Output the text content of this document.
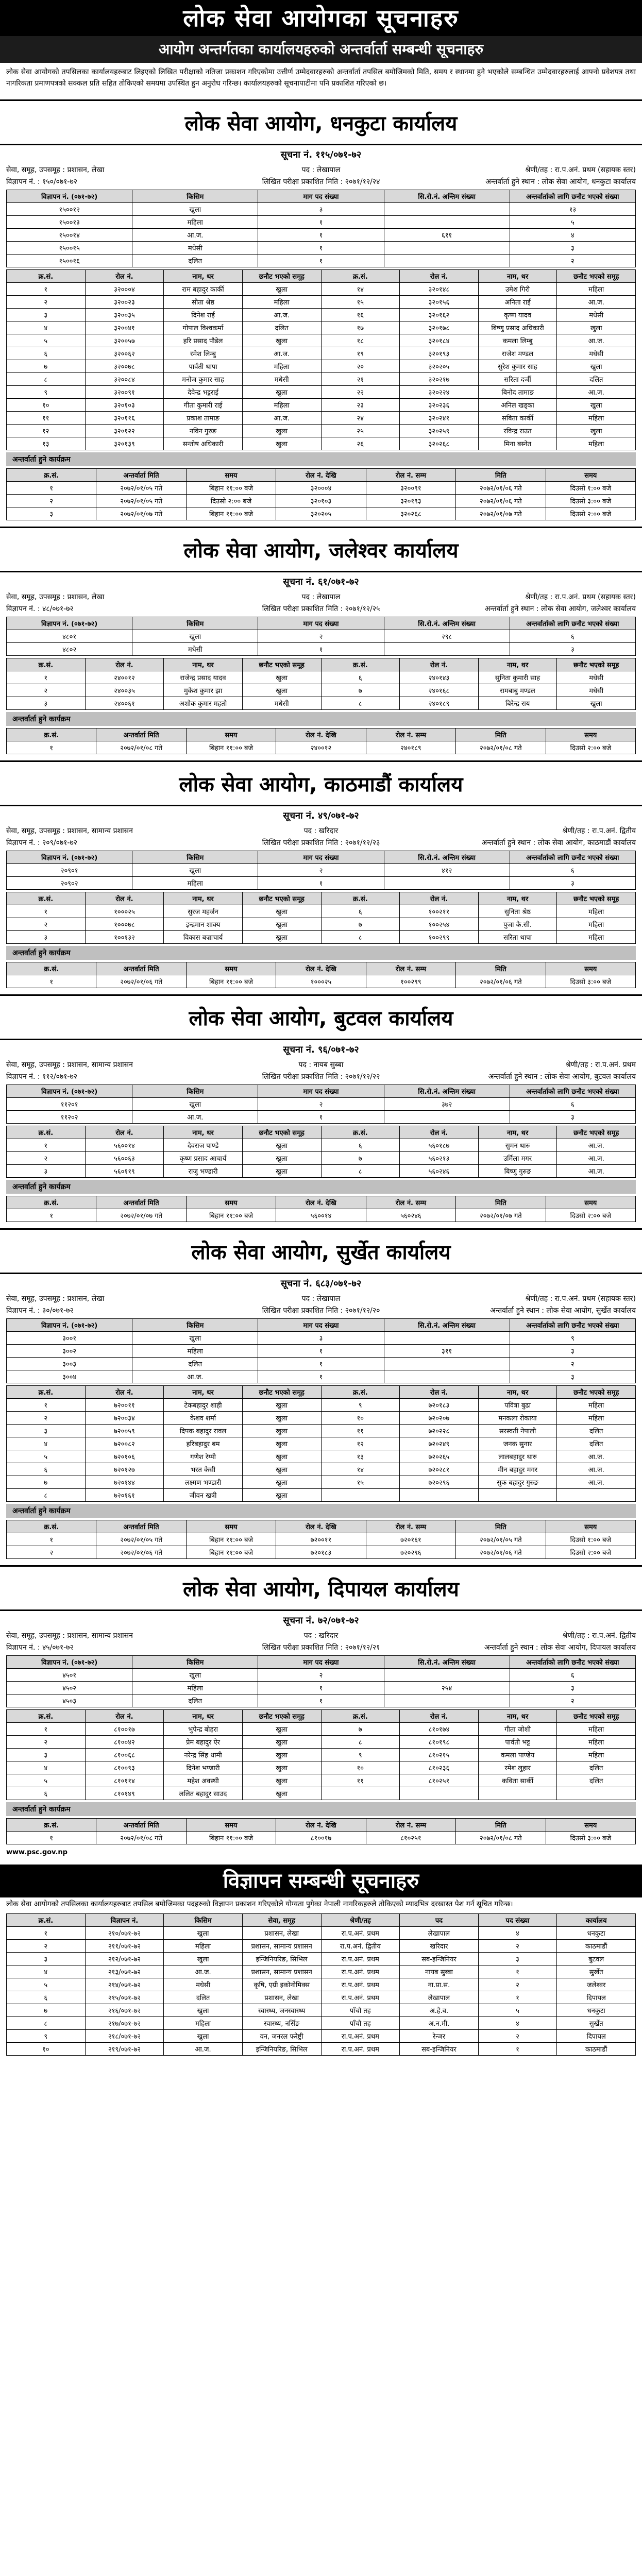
लोक सेवा आयोगका सूचनाहरु
आयोग अन्तर्गतका कार्यालयहरुको अन्तर्वार्ता सम्बन्धी सूचनाहरु
लोक सेवा आयोगको तपसिलका कार्यालयहरुबाट लिइएको लिखित परीक्षाको नतिजा प्रकाशन गरिएकोमा उत्तीर्ण उम्मेदवारहरुको अन्तर्वार्ता तपसिल बमोजिमको मिति, समय र स्थानमा हुने भएकोले सम्बन्धित उम्मेदवारहरुलाई आफ्नो प्रवेशपत्र तथा नागरिकता प्रमाणपत्रको सक्कल प्रति सहित तोकिएको समयमा उपस्थित हुन अनुरोध गरिन्छ। कार्यालयहरुको सूचनापाटीमा पनि प्रकाशित गरिएको छ।
लोक सेवा आयोग, धनकुटा कार्यालय
सूचना नं. ११५/०७१-७२
सेवा, समूह, उपसमूह : प्रशासन, लेखा	पद : लेखापाल	श्रेणी/तह : रा.प.अनं. प्रथम (सहायक स्तर)
विज्ञापन नं. : १५०/०७१-७२	लिखित परीक्षा प्रकाशित मिति : २०७१/१२/२४	अन्तर्वार्ता हुने स्थान : लोक सेवा आयोग, धनकुटा कार्यालय
विज्ञापन नं. (०७१-७२)	किसिम	माग पद संख्या	सि.रो.नं. अन्तिम संख्या	अन्तर्वार्ताको लागि छनौट भएको संख्या
१५००१२	खुला	३		१३
१५००१३	महिला	१		५
१५००१४	आ.ज.	१	६११	४
१५००१५	मधेसी	१		३
१५००१६	दलित	१		२
क्र.सं.	रोल नं.	नाम, थर	छनौट भएको समूह	क्र.सं.	रोल नं.	नाम, थर	छनौट भएको समूह
१	३२०००४	राम बहादुर कार्की	खुला	१४	३२०१४८	उमेश गिरी	महिला
२	३२००२३	सीता श्रेष्ठ	महिला	१५	३२०१५६	अनिता राई	आ.ज.
३	३२००३५	दिनेश राई	आ.ज.	१६	३२०१६२	कृष्ण यादव	मधेसी
४	३२००४१	गोपाल विश्वकर्मा	दलित	१७	३२०१७८	बिष्णु प्रसाद अधिकारी	खुला
५	३२००५७	हरि प्रसाद पौडेल	खुला	१८	३२०१८४	कमला लिम्बु	आ.ज.
६	३२००६२	रमेश लिम्बु	आ.ज.	१९	३२०१९३	राजेश मण्डल	मधेसी
७	३२००७८	पार्वती थापा	महिला	२०	३२०२०५	सुरेश कुमार साह	खुला
८	३२००८४	मनोज कुमार साह	मधेसी	२१	३२०२१७	सरिता दर्जी	दलित
९	३२००९१	देवेन्द्र भट्टराई	खुला	२२	३२०२२४	बिनोद तामाङ	आ.ज.
१०	३२०१०३	गीता कुमारी राई	महिला	२३	३२०२३६	अनिल खड्का	खुला
११	३२०११६	प्रकाश तामाङ	आ.ज.	२४	३२०२४१	सबिता कार्की	महिला
१२	३२०१२२	नविन गुरुङ	खुला	२५	३२०२५९	रविन्द्र राउत	खुला
१३	३२०१३९	सन्तोष अधिकारी	खुला	२६	३२०२६८	मिना बस्नेत	महिला
अन्तर्वार्ता हुने कार्यक्रम
क्र.सं.	अन्तर्वार्ता मिति	समय	रोल नं. देखि	रोल नं. सम्म	मिति	समय
१	२०७२/०१/०५ गते	बिहान ११:०० बजे	३२०००४	३२००९१	२०७२/०१/०६ गते	दिउसो १:०० बजे
२	२०७२/०१/०५ गते	दिउसो २:०० बजे	३२०१०३	३२०१९३	२०७२/०१/०६ गते	दिउसो ३:०० बजे
३	२०७२/०१/०७ गते	बिहान ११:०० बजे	३२०२०५	३२०२६८	२०७२/०१/०७ गते	दिउसो २:०० बजे
लोक सेवा आयोग, जलेश्वर कार्यालय
सूचना नं. ६१/०७१-७२
सेवा, समूह, उपसमूह : प्रशासन, लेखा	पद : लेखापाल	श्रेणी/तह : रा.प.अनं. प्रथम (सहायक स्तर)
विज्ञापन नं. : ४८/०७१-७२	लिखित परीक्षा प्रकाशित मिति : २०७१/१२/२५	अन्तर्वार्ता हुने स्थान : लोक सेवा आयोग, जलेश्वर कार्यालय
विज्ञापन नं. (०७१-७२)	किसिम	माग पद संख्या	सि.रो.नं. अन्तिम संख्या	अन्तर्वार्ताको लागि छनौट भएको संख्या
४८०१	खुला	२	२९८	६
४८०२	मधेसी	१		३
क्र.सं.	रोल नं.	नाम, थर	छनौट भएको समूह	क्र.सं.	रोल नं.	नाम, थर	छनौट भएको समूह
१	२४००१२	राजेन्द्र प्रसाद यादव	खुला	६	२४०१४३	सुनिता कुमारी साह	मधेसी
२	२४००३५	मुकेश कुमार झा	खुला	७	२४०१६८	रामबाबु मण्डल	मधेसी
३	२४००६१	अशोक कुमार महतो	मधेसी	८	२४०१८९	बिरेन्द्र राय	खुला
अन्तर्वार्ता हुने कार्यक्रम
क्र.सं.	अन्तर्वार्ता मिति	समय	रोल नं. देखि	रोल नं. सम्म	मिति	समय
१	२०७२/०१/०८ गते	बिहान ११:०० बजे	२४००१२	२४०१८९	२०७२/०१/०८ गते	दिउसो २:०० बजे
लोक सेवा आयोग, काठमाडौं कार्यालय
सूचना नं. ४९/०७१-७२
सेवा, समूह, उपसमूह : प्रशासन, सामान्य प्रशासन	पद : खरिदार	श्रेणी/तह : रा.प.अनं. द्वितीय
विज्ञापन नं. : २०९/०७१-७२	लिखित परीक्षा प्रकाशित मिति : २०७१/१२/२३	अन्तर्वार्ता हुने स्थान : लोक सेवा आयोग, काठमाडौं कार्यालय
विज्ञापन नं. (०७१-७२)	किसिम	माग पद संख्या	सि.रो.नं. अन्तिम संख्या	अन्तर्वार्ताको लागि छनौट भएको संख्या
२०९०१	खुला	२	४१२	६
२०९०२	महिला	१		३
क्र.सं.	रोल नं.	नाम, थर	छनौट भएको समूह	क्र.सं.	रोल नं.	नाम, थर	छनौट भएको समूह
१	१०००२५	सुरज महर्जन	खुला	६	१००२११	सुनिता श्रेष्ठ	महिला
२	१०००७८	इन्द्रमान शाक्य	खुला	७	१००२५४	पुजा के.सी.	महिला
३	१००१३२	विकास बज्राचार्य	खुला	८	१००२९९	सरिता थापा	महिला
अन्तर्वार्ता हुने कार्यक्रम
क्र.सं.	अन्तर्वार्ता मिति	समय	रोल नं. देखि	रोल नं. सम्म	मिति	समय
१	२०७२/०१/०६ गते	बिहान ११:०० बजे	१०००२५	१००२९९	२०७२/०१/०६ गते	दिउसो ३:०० बजे
लोक सेवा आयोग, बुटवल कार्यालय
सूचना नं. ९६/०७१-७२
सेवा, समूह, उपसमूह : प्रशासन, सामान्य प्रशासन	पद : नायब सुब्बा	श्रेणी/तह : रा.प.अनं. प्रथम
विज्ञापन नं. : ११२/०७१-७२	लिखित परीक्षा प्रकाशित मिति : २०७१/१२/२२	अन्तर्वार्ता हुने स्थान : लोक सेवा आयोग, बुटवल कार्यालय
विज्ञापन नं. (०७१-७२)	किसिम	माग पद संख्या	सि.रो.नं. अन्तिम संख्या	अन्तर्वार्ताको लागि छनौट भएको संख्या
११२०१	खुला	२	३७२	६
११२०२	आ.ज.	१		३
क्र.सं.	रोल नं.	नाम, थर	छनौट भएको समूह	क्र.सं.	रोल नं.	नाम, थर	छनौट भएको समूह
१	५६००१४	देवराज पाण्डे	खुला	६	५६०१८७	सुमन थारु	आ.ज.
२	५६००६३	कृष्ण प्रसाद आचार्य	खुला	७	५६०२१३	उर्मिला मगर	आ.ज.
३	५६०११९	राजु भण्डारी	खुला	८	५६०२४६	बिष्णु गुरुङ	आ.ज.
अन्तर्वार्ता हुने कार्यक्रम
क्र.सं.	अन्तर्वार्ता मिति	समय	रोल नं. देखि	रोल नं. सम्म	मिति	समय
१	२०७२/०१/०७ गते	बिहान ११:०० बजे	५६००१४	५६०२४६	२०७२/०१/०७ गते	दिउसो २:०० बजे
लोक सेवा आयोग, सुर्खेत कार्यालय
सूचना नं. ६८३/०७१-७२
सेवा, समूह, उपसमूह : प्रशासन, लेखा	पद : लेखापाल	श्रेणी/तह : रा.प.अनं. प्रथम (सहायक स्तर)
विज्ञापन नं. : ३०/०७१-७२	लिखित परीक्षा प्रकाशित मिति : २०७१/१२/२०	अन्तर्वार्ता हुने स्थान : लोक सेवा आयोग, सुर्खेत कार्यालय
विज्ञापन नं. (०७१-७२)	किसिम	माग पद संख्या	सि.रो.नं. अन्तिम संख्या	अन्तर्वार्ताको लागि छनौट भएको संख्या
३००१	खुला	३		९
३००२	महिला	१	३११	३
३००३	दलित	१		२
३००४	आ.ज.	१		३
क्र.सं.	रोल नं.	नाम, थर	छनौट भएको समूह	क्र.सं.	रोल नं.	नाम, थर	छनौट भएको समूह
१	७२००११	टेकबहादुर शाही	खुला	९	७२०१८३	पवित्रा बुढा	महिला
२	७२००३४	केशव शर्मा	खुला	१०	७२०२०७	मनकला रोकाया	महिला
३	७२००५९	दिपक बहादुर रावल	खुला	११	७२०२२८	सरस्वती नेपाली	दलित
४	७२००८२	हरिबहादुर बम	खुला	१२	७२०२४९	जनक सुनार	दलित
५	७२०१०६	गणेश रेग्मी	खुला	१३	७२०२६५	लालबहादुर थारु	आ.ज.
६	७२०१२७	भरत केसी	खुला	१४	७२०२८१	मीन बहादुर मगर	आ.ज.
७	७२०१४४	लक्ष्मण भण्डारी	खुला	१५	७२०२९६	सुक बहादुर गुरुङ	आ.ज.
८	७२०१६१	जीवन खत्री	खुला				
अन्तर्वार्ता हुने कार्यक्रम
क्र.सं.	अन्तर्वार्ता मिति	समय	रोल नं. देखि	रोल नं. सम्म	मिति	समय
१	२०७२/०१/०५ गते	बिहान ११:०० बजे	७२००११	७२०१६१	२०७२/०१/०५ गते	दिउसो १:०० बजे
२	२०७२/०१/०६ गते	बिहान ११:०० बजे	७२०१८३	७२०२९६	२०७२/०१/०६ गते	दिउसो २:०० बजे
लोक सेवा आयोग, दिपायल कार्यालय
सूचना नं. ७२/०७१-७२
सेवा, समूह, उपसमूह : प्रशासन, सामान्य प्रशासन	पद : खरिदार	श्रेणी/तह : रा.प.अनं. द्वितीय
विज्ञापन नं. : ४५/०७१-७२	लिखित परीक्षा प्रकाशित मिति : २०७१/१२/२१	अन्तर्वार्ता हुने स्थान : लोक सेवा आयोग, दिपायल कार्यालय
विज्ञापन नं. (०७१-७२)	किसिम	माग पद संख्या	सि.रो.नं. अन्तिम संख्या	अन्तर्वार्ताको लागि छनौट भएको संख्या
४५०१	खुला	२		६
४५०२	महिला	१	२५४	३
४५०३	दलित	१		२
क्र.सं.	रोल नं.	नाम, थर	छनौट भएको समूह	क्र.सं.	रोल नं.	नाम, थर	छनौट भएको समूह
१	८१००१७	भुपेन्द्र बोहरा	खुला	७	८१०१७४	गीता जोशी	महिला
२	८१००४२	प्रेम बहादुर ऐर	खुला	८	८१०१९८	पार्वती भट्ट	महिला
३	८१००६८	नरेन्द्र सिंह धामी	खुला	९	८१०२१५	कमला पाण्डेय	महिला
४	८१००९३	दिनेश भण्डारी	खुला	१०	८१०२३६	रमेश लुहार	दलित
५	८१०११४	महेश अवस्थी	खुला	११	८१०२५१	कविता सार्की	दलित
६	८१०१४९	ललित बहादुर साउद	खुला				
अन्तर्वार्ता हुने कार्यक्रम
क्र.सं.	अन्तर्वार्ता मिति	समय	रोल नं. देखि	रोल नं. सम्म	मिति	समय
१	२०७२/०१/०८ गते	बिहान ११:०० बजे	८१००१७	८१०२५१	२०७२/०१/०८ गते	दिउसो ३:०० बजे
www.psc.gov.np
विज्ञापन सम्बन्धी सूचनाहरु
लोक सेवा आयोगको तपसिलका कार्यालयहरुबाट तपसिल बमोजिमका पदहरुको विज्ञापन प्रकाशन गरिएकोले योग्यता पुगेका नेपाली नागरिकहरुले तोकिएको म्यादभित्र दरखास्त पेश गर्न सूचित गरिन्छ।
क्र.सं.	विज्ञापन नं.	किसिम	सेवा, समूह	श्रेणी/तह	पद	पद संख्या	कार्यालय
१	२१०/०७१-७२	खुला	प्रशासन, लेखा	रा.प.अनं. प्रथम	लेखापाल	४	धनकुटा
२	२११/०७१-७२	महिला	प्रशासन, सामान्य प्रशासन	रा.प.अनं. द्वितीय	खरिदार	२	काठमाडौं
३	२१२/०७१-७२	खुला	इन्जिनियरिङ, सिभिल	रा.प.अनं. प्रथम	सब-इन्जिनियर	३	बुटवल
४	२१३/०७१-७२	आ.ज.	प्रशासन, सामान्य प्रशासन	रा.प.अनं. प्रथम	नायब सुब्बा	१	सुर्खेत
५	२१४/०७१-७२	मधेसी	कृषि, एग्री इकोनोमिक्स	रा.प.अनं. प्रथम	ना.प्रा.स.	२	जलेश्वर
६	२१५/०७१-७२	दलित	प्रशासन, लेखा	रा.प.अनं. प्रथम	लेखापाल	१	दिपायल
७	२१६/०७१-७२	खुला	स्वास्थ्य, जनस्वास्थ्य	पाँचौ तह	अ.हे.व.	५	धनकुटा
८	२१७/०७१-७२	महिला	स्वास्थ्य, नर्सिङ	पाँचौ तह	अ.न.मी.	४	सुर्खेत
९	२१८/०७१-७२	खुला	वन, जनरल फरेष्ट्री	रा.प.अनं. प्रथम	रेन्जर	२	दिपायल
१०	२१९/०७१-७२	आ.ज.	इन्जिनियरिङ, सिभिल	रा.प.अनं. प्रथम	सब-इन्जिनियर	१	काठमाडौं
